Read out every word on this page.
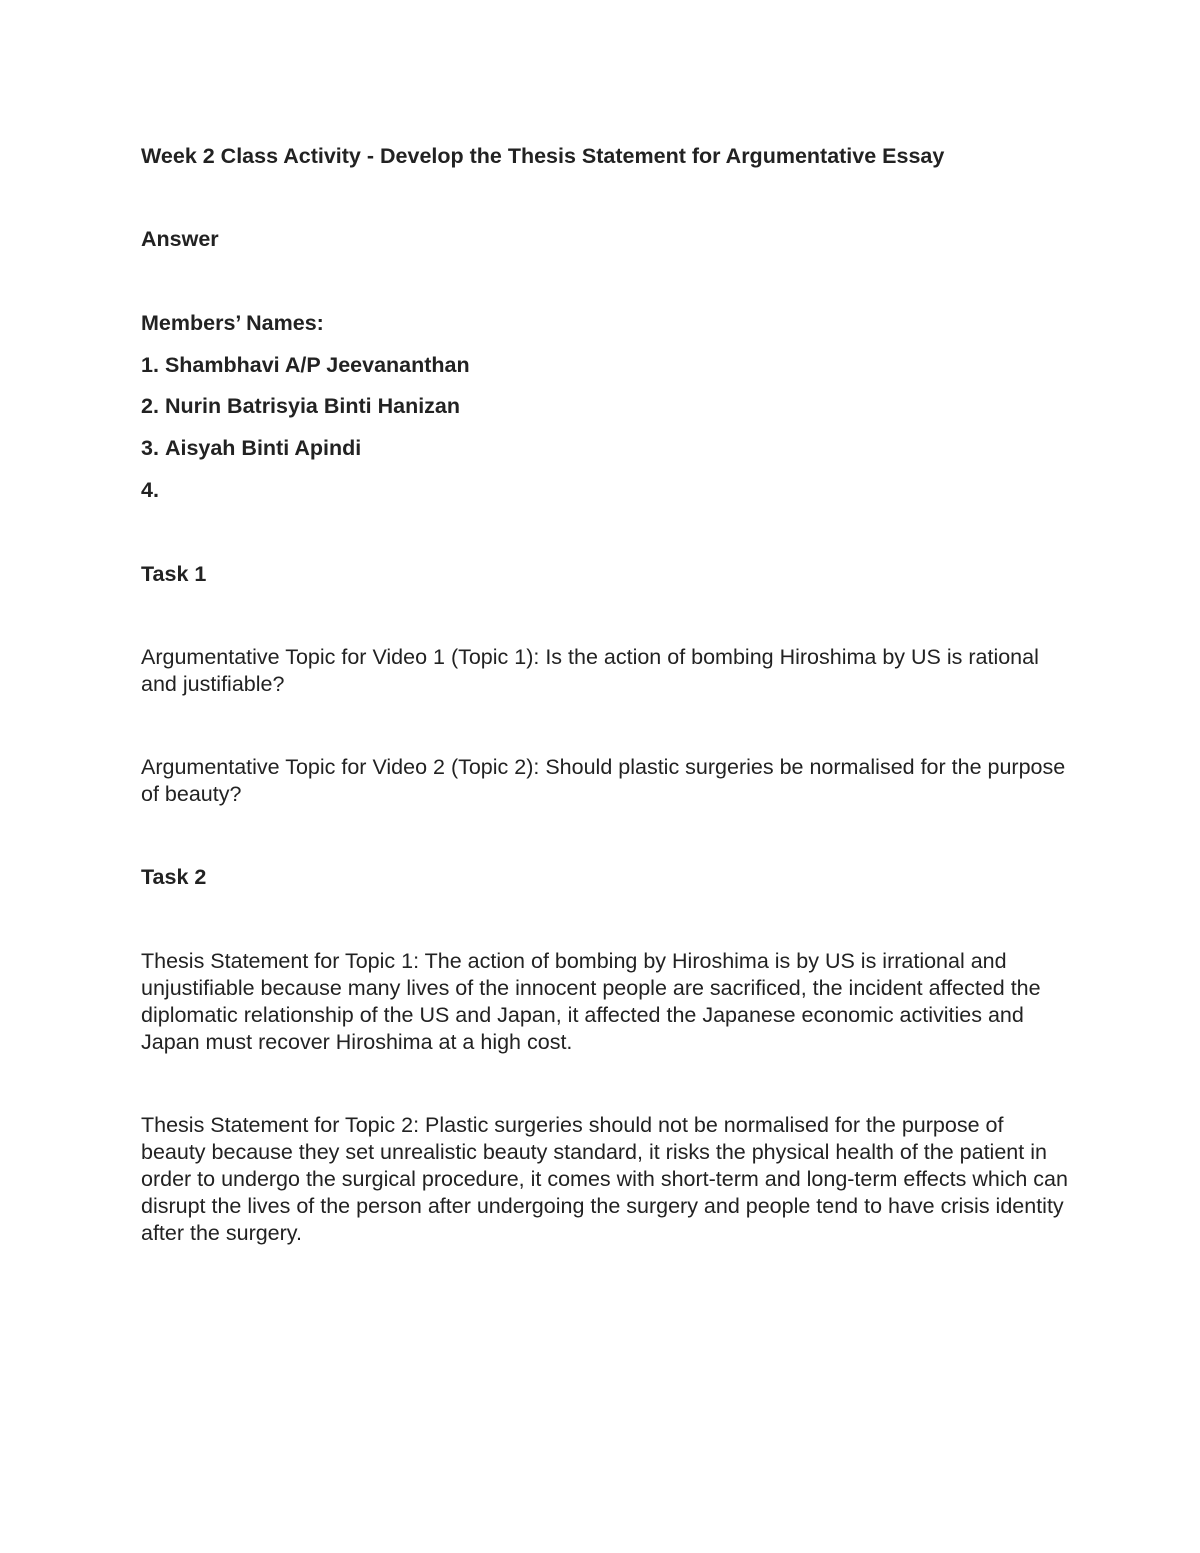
Week 2 Class Activity - Develop the Thesis Statement for Argumentative Essay

Answer

Members’ Names:

1. Shambhavi A/P Jeevananthan

2. Nurin Batrisyia Binti Hanizan

3. Aisyah Binti Apindi

4.

Task 1

Argumentative Topic for Video 1 (Topic 1): Is the action of bombing Hiroshima by US is rational and justifiable?

Argumentative Topic for Video 2 (Topic 2): Should plastic surgeries be normalised for the purpose of beauty?

Task 2

Thesis Statement for Topic 1: The action of bombing by Hiroshima is by US is irrational and unjustifiable because many lives of the innocent people are sacrificed, the incident affected the diplomatic relationship of the US and Japan, it affected the Japanese economic activities and Japan must recover Hiroshima at a high cost.

Thesis Statement for Topic 2: Plastic surgeries should not be normalised for the purpose of beauty because they set unrealistic beauty standard, it risks the physical health of the patient in order to undergo the surgical procedure, it comes with short-term and long-term effects which can disrupt the lives of the person after undergoing the surgery and people tend to have crisis identity after the surgery.
